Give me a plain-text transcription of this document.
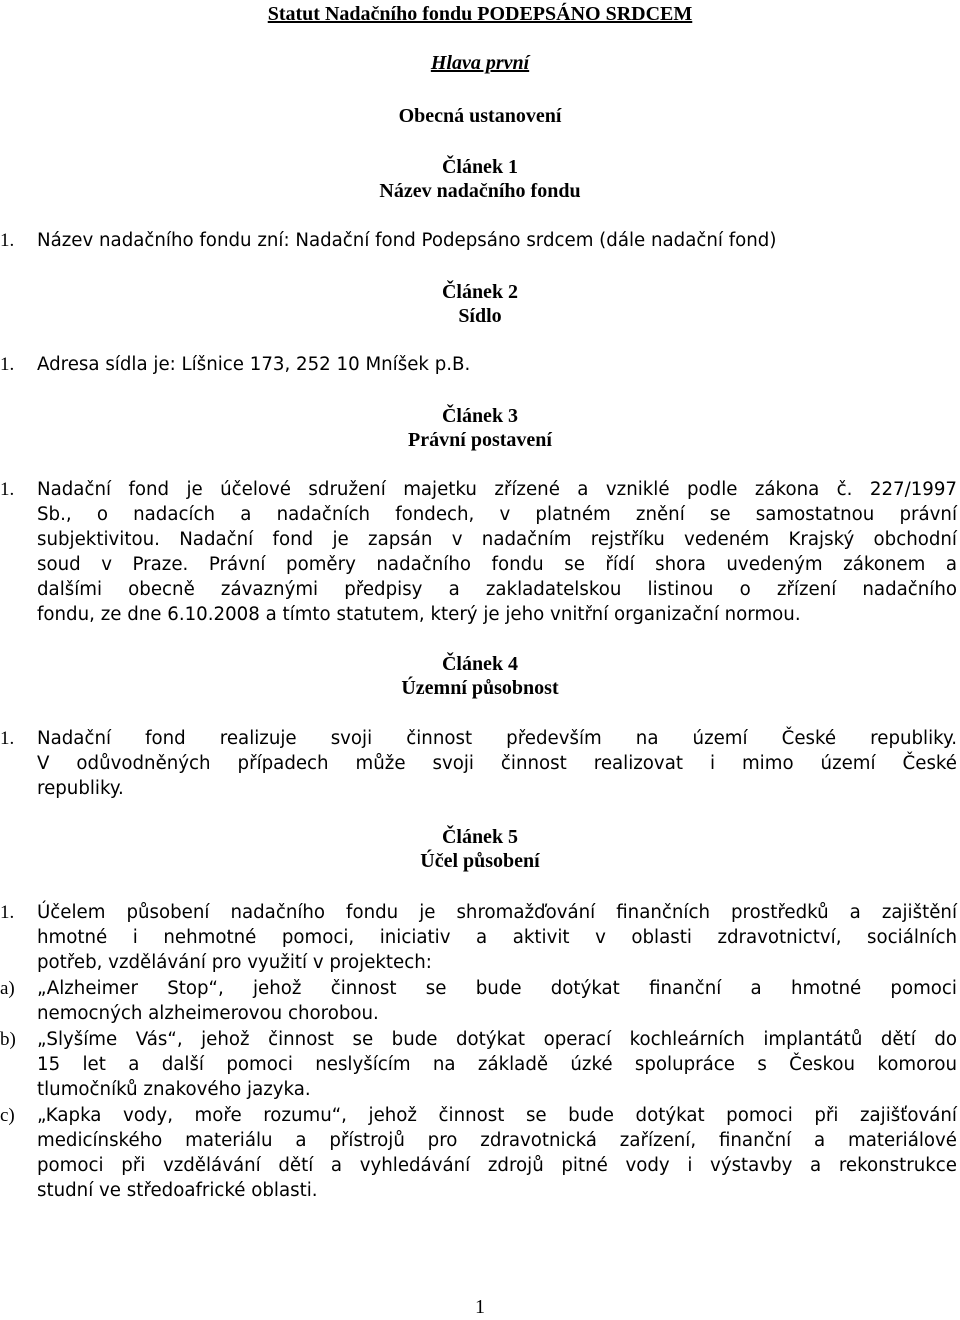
Statut Nadačního fondu PODEPSÁNO SRDCEM
Hlava první
Obecná ustanovení
Článek 1
Název nadačního fondu
1. Název nadačního fondu zní: Nadační fond Podepsáno srdcem (dále nadační fond)
Článek 2
Sídlo
1. Adresa sídla je: Líšnice 173, 252 10 Mníšek p.B.
Článek 3
Právní postavení
1. Nadační fond je účelové sdružení majetku zřízené a vzniklé podle zákona č. 227/1997
Sb., o nadacích a nadačních fondech, v platném znění se samostatnou právní
subjektivitou. Nadační fond je zapsán v nadačním rejstříku vedeném Krajský obchodní
soud v Praze. Právní poměry nadačního fondu se řídí shora uvedeným zákonem a
dalšími obecně závaznými předpisy a zakladatelskou listinou o zřízení nadačního
fondu, ze dne 6.10.2008 a tímto statutem, který je jeho vnitřní organizační normou.
Článek 4
Územní působnost
1. Nadační fond realizuje svoji činnost především na území České republiky.
V odůvodněných případech může svoji činnost realizovat i mimo území České
republiky.
Článek 5
Účel působení
1. Účelem působení nadačního fondu je shromažďování finančních prostředků a zajištění
hmotné i nehmotné pomoci, iniciativ a aktivit v oblasti zdravotnictví, sociálních
potřeb, vzdělávání pro využití v projektech:
a) „Alzheimer Stop“, jehož činnost se bude dotýkat finanční a hmotné pomoci
nemocných alzheimerovou chorobou.
b) „Slyšíme Vás“, jehož činnost se bude dotýkat operací kochleárních implantátů dětí do
15 let a další pomoci neslyšícím na základě úzké spolupráce s Českou komorou
tlumočníků znakového jazyka.
c) „Kapka vody, moře rozumu“, jehož činnost se bude dotýkat pomoci při zajišťování
medicínského materiálu a přístrojů pro zdravotnická zařízení, finanční a materiálové
pomoci při vzdělávání dětí a vyhledávání zdrojů pitné vody i výstavby a rekonstrukce
studní ve středoafrické oblasti.
1
